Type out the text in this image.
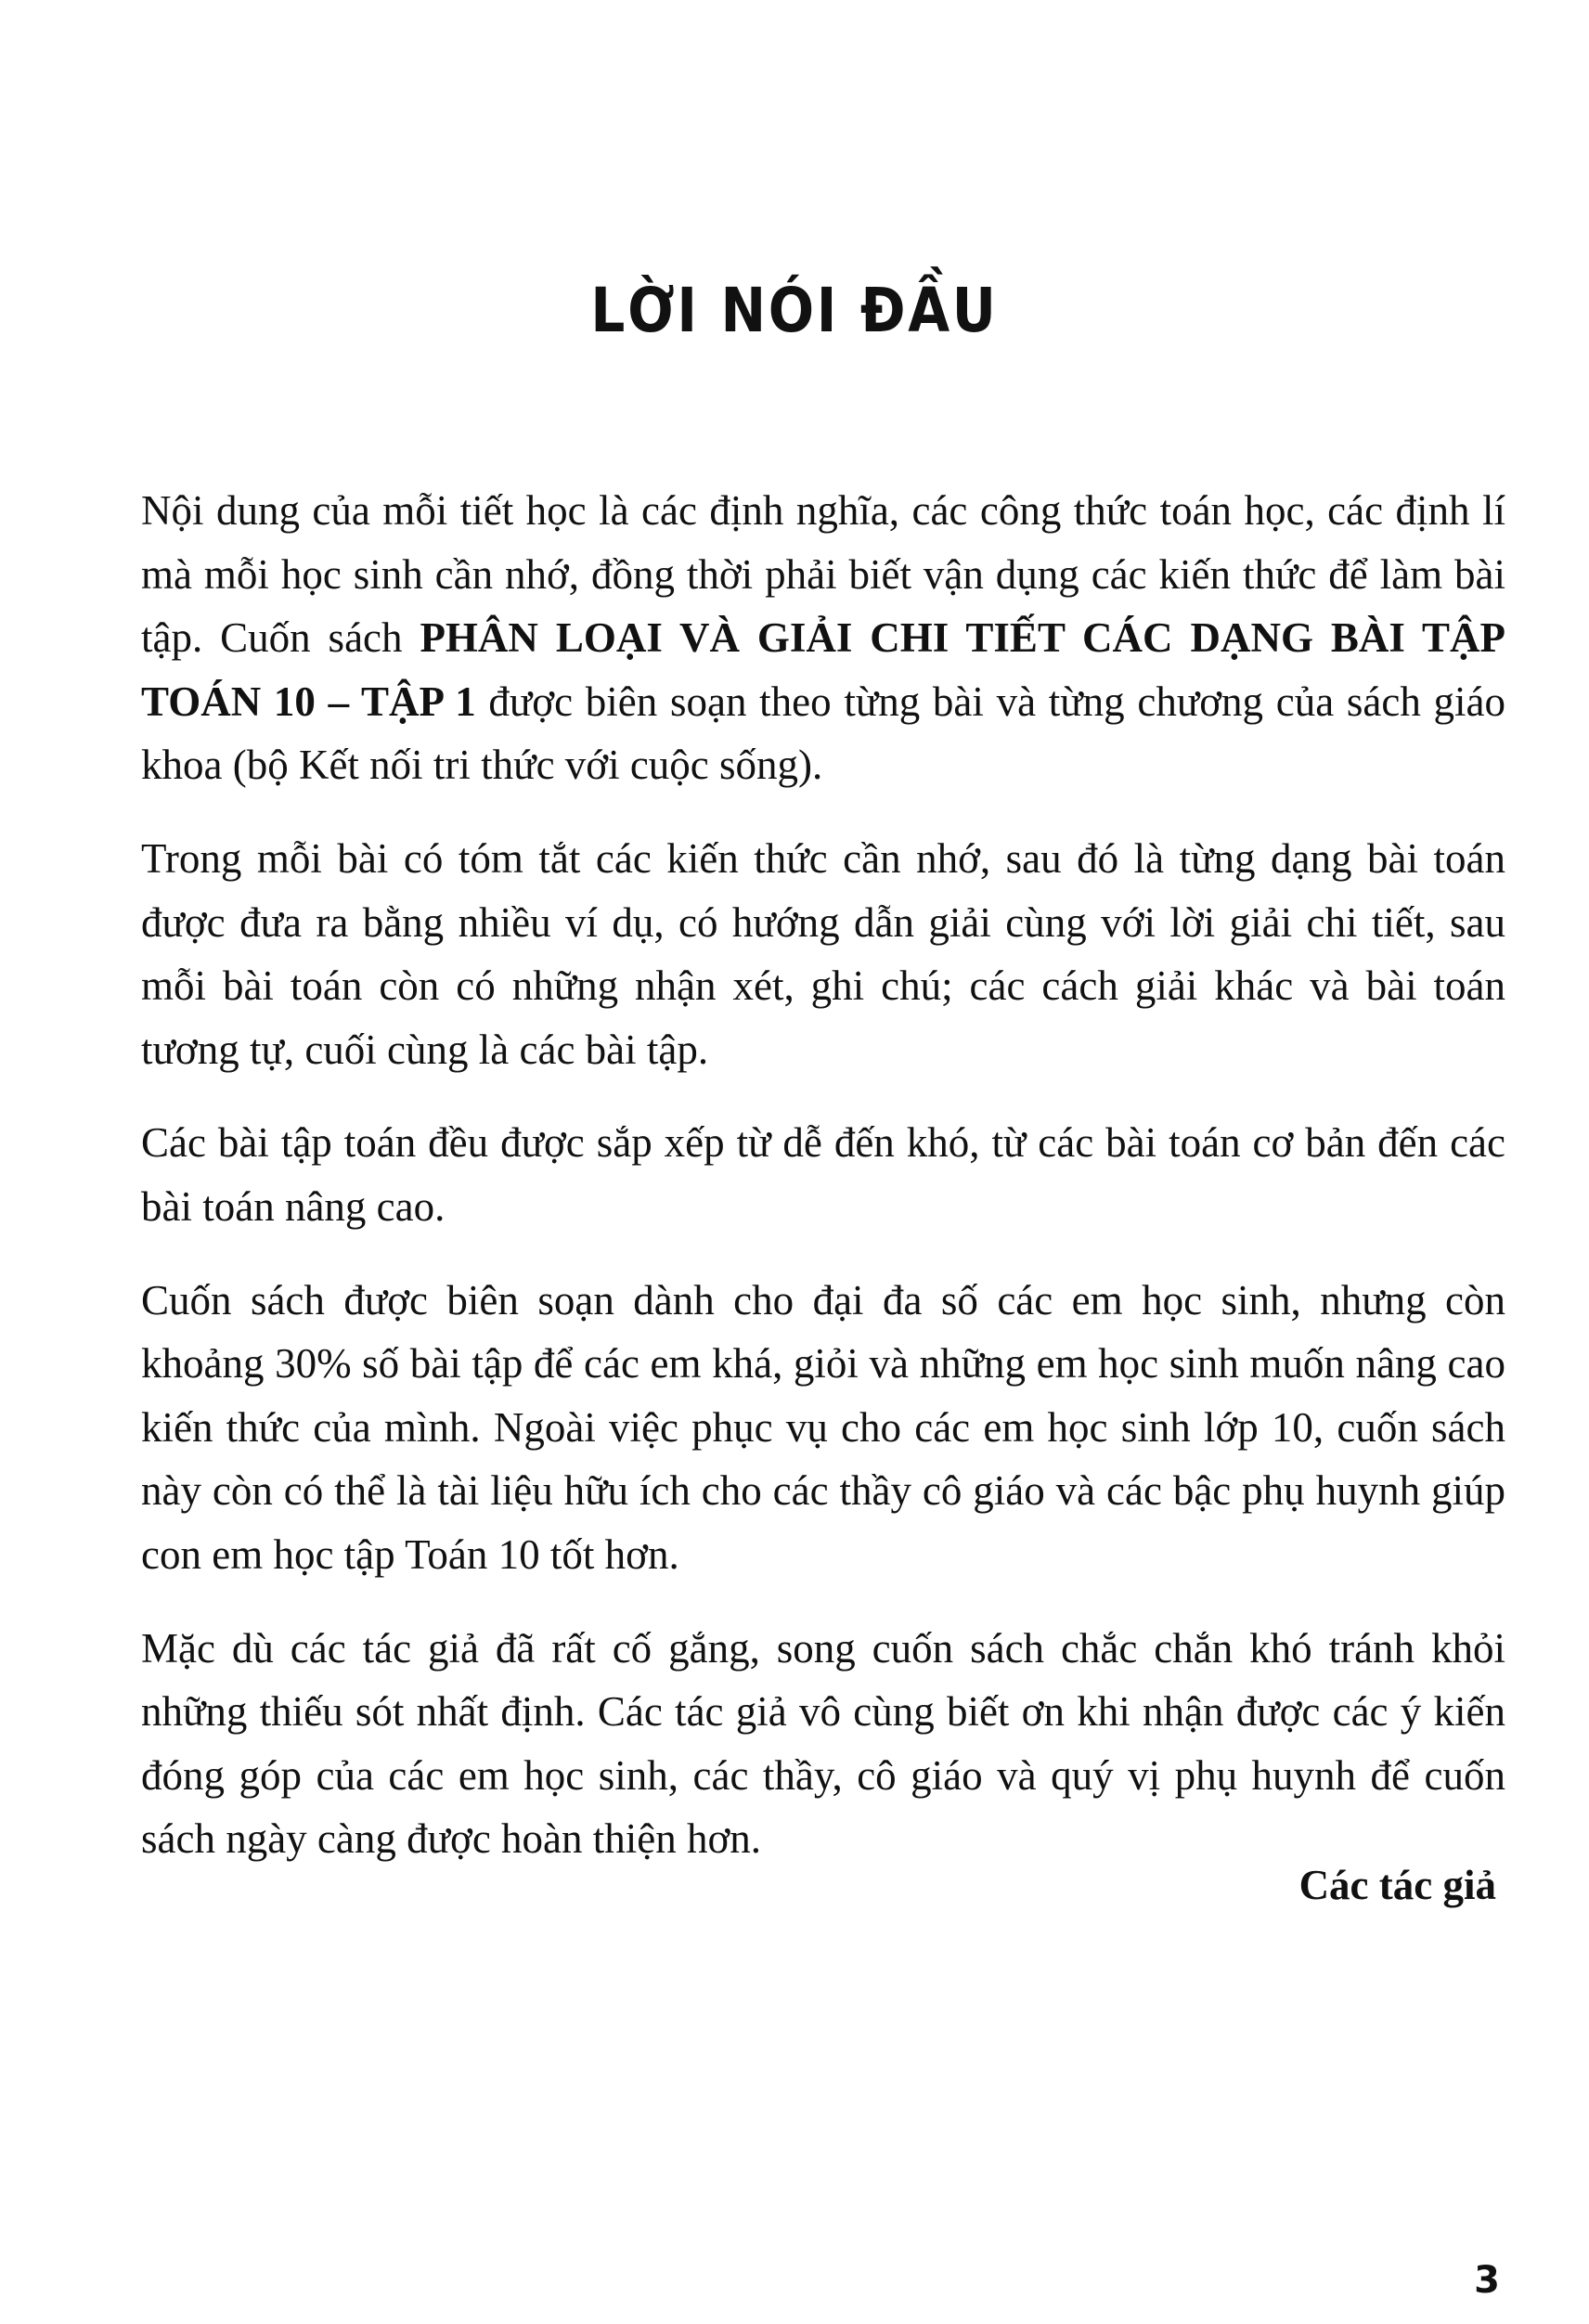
LỜI NÓI ĐẦU

Nội dung của mỗi tiết học là các định nghĩa, các công thức toán học, các định lí mà mỗi học sinh cần nhớ, đồng thời phải biết vận dụng các kiến thức để làm bài tập. Cuốn sách PHÂN LOẠI VÀ GIẢI CHI TIẾT CÁC DẠNG BÀI TẬP TOÁN 10 – TẬP 1 được biên soạn theo từng bài và từng chương của sách giáo khoa (bộ Kết nối tri thức với cuộc sống).

Trong mỗi bài có tóm tắt các kiến thức cần nhớ, sau đó là từng dạng bài toán được đưa ra bằng nhiều ví dụ, có hướng dẫn giải cùng với lời giải chi tiết, sau mỗi bài toán còn có những nhận xét, ghi chú; các cách giải khác và bài toán tương tự, cuối cùng là các bài tập.

Các bài tập toán đều được sắp xếp từ dễ đến khó, từ các bài toán cơ bản đến các bài toán nâng cao.

Cuốn sách được biên soạn dành cho đại đa số các em học sinh, nhưng còn khoảng 30% số bài tập để các em khá, giỏi và những em học sinh muốn nâng cao kiến thức của mình. Ngoài việc phục vụ cho các em học sinh lớp 10, cuốn sách này còn có thể là tài liệu hữu ích cho các thầy cô giáo và các bậc phụ huynh giúp con em học tập Toán 10 tốt hơn.

Mặc dù các tác giả đã rất cố gắng, song cuốn sách chắc chắn khó tránh khỏi những thiếu sót nhất định. Các tác giả vô cùng biết ơn khi nhận được các ý kiến đóng góp của các em học sinh, các thầy, cô giáo và quý vị phụ huynh để cuốn sách ngày càng được hoàn thiện hơn.

Các tác giả
3
